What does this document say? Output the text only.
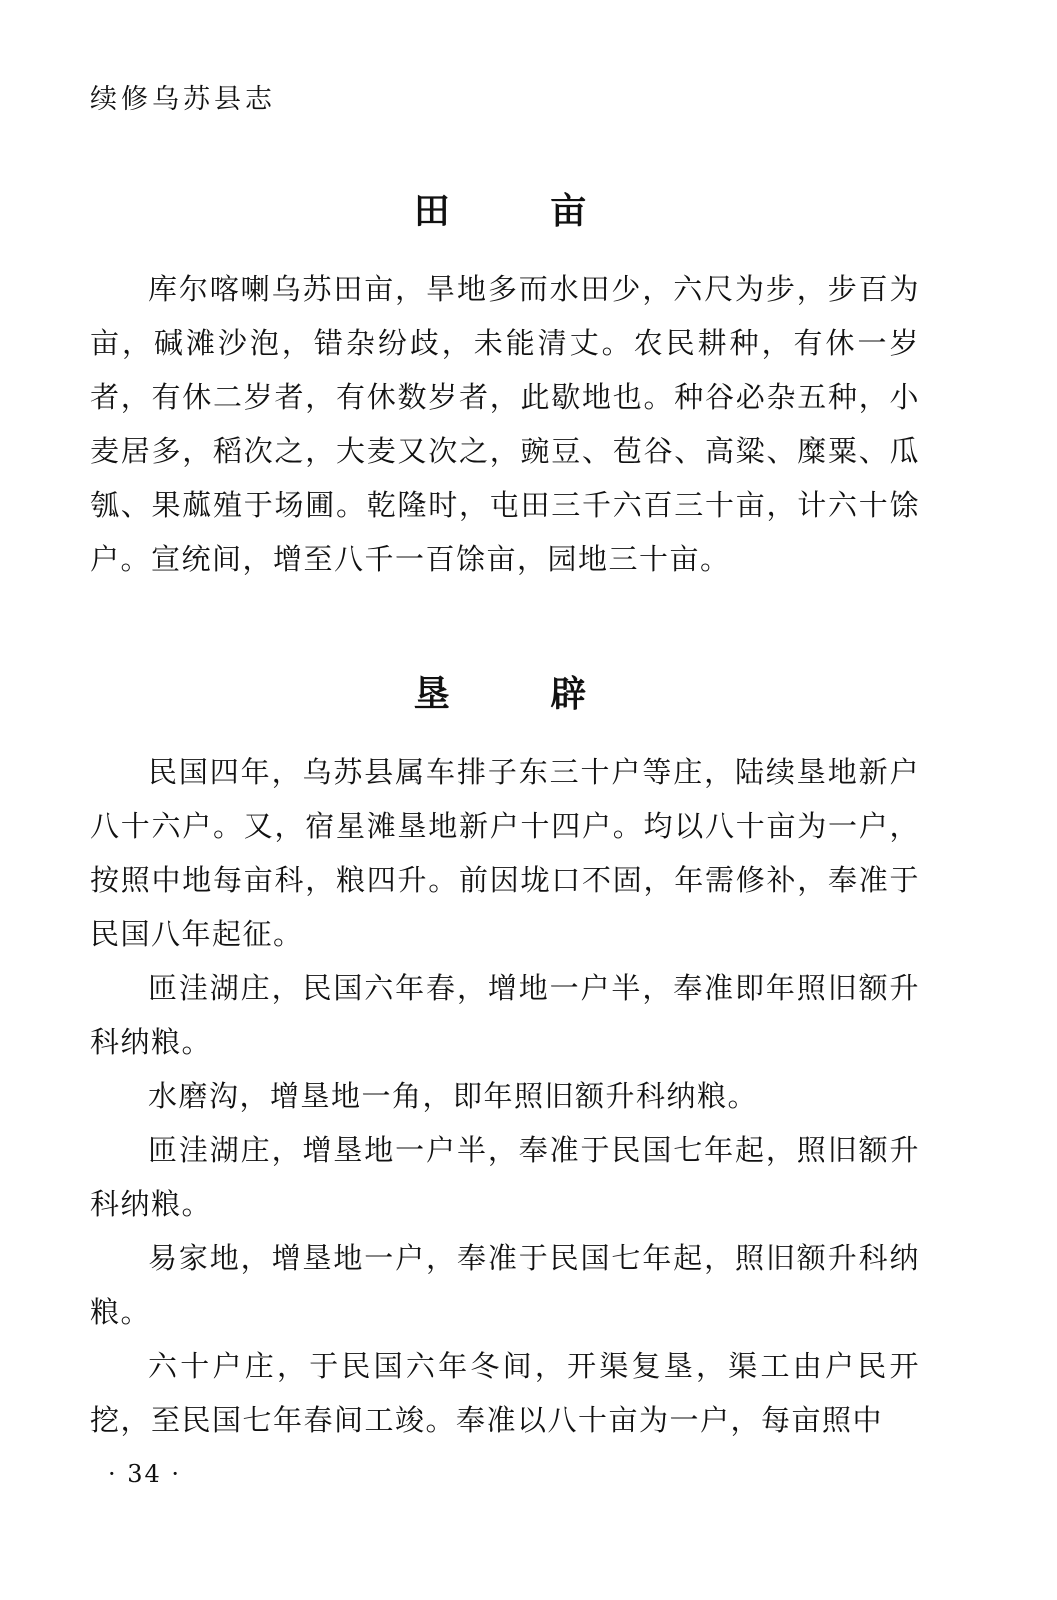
续修乌苏县志
田 亩

库尔喀喇乌苏田亩，旱地多而水田少，六尺为步，步百为亩，碱滩沙泡，错杂纷歧，未能清丈。农民耕种，有休一岁者，有休二岁者，有休数岁者，此歇地也。种谷必杂五种，小麦居多，稻次之，大麦又次之，豌豆、苞谷、高粱、糜粟、瓜瓠、果蓏殖于场圃。乾隆时，屯田三千六百三十亩，计六十馀户。宣统间，增至八千一百馀亩，园地三十亩。

垦 辟

民国四年，乌苏县属车排子东三十户等庄，陆续垦地新户八十六户。又，宿星滩垦地新户十四户。均以八十亩为一户，按照中地每亩科，粮四升。前因垅口不固，年需修补，奉准于民国八年起征。

匝洼湖庄，民国六年春，增地一户半，奉准即年照旧额升科纳粮。

水磨沟，增垦地一角，即年照旧额升科纳粮。

匝洼湖庄，增垦地一户半，奉准于民国七年起，照旧额升科纳粮。

易家地，增垦地一户，奉准于民国七年起，照旧额升科纳粮。

六十户庄，于民国六年冬间，开渠复垦，渠工由户民开挖，至民国七年春间工竣。奉准以八十亩为一户，每亩照中

· 34 ·
